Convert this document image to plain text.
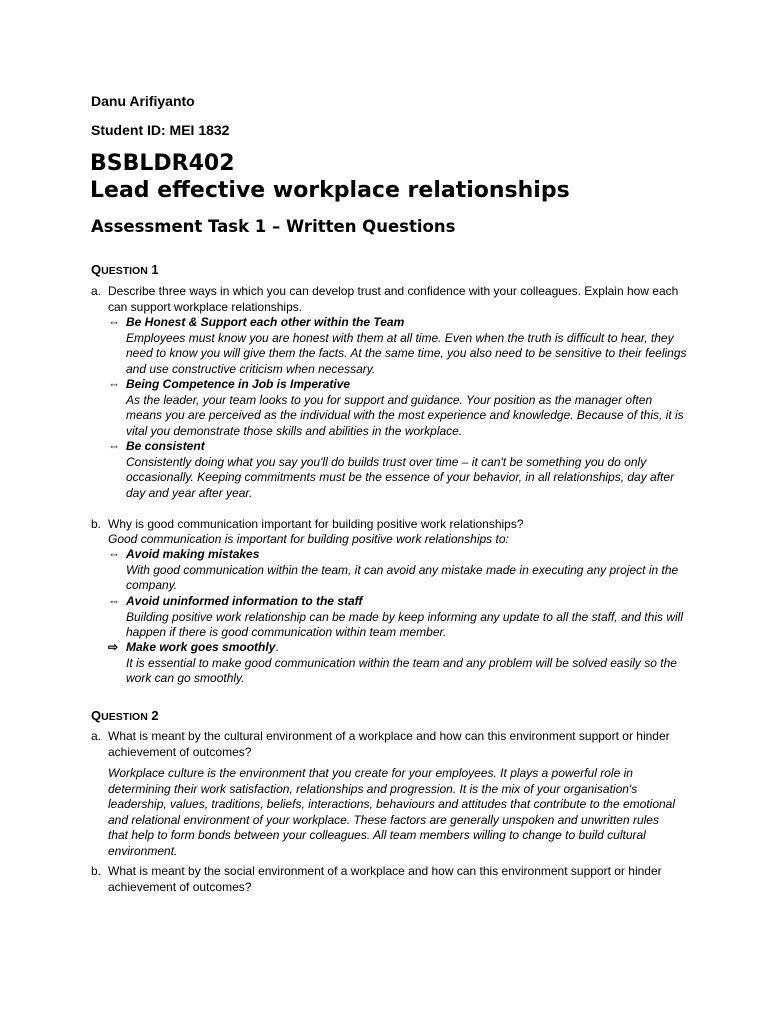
Danu Arifiyanto
Student ID: MEI 1832
BSBLDR402
Lead effective workplace relationships
Assessment Task 1 – Written Questions
QUESTION 1
a. Describe three ways in which you can develop trust and confidence with your colleagues. Explain how each can support workplace relationships.
⇔ Be Honest & Support each other within the Team
Employees must know you are honest with them at all time. Even when the truth is difficult to hear, they need to know you will give them the facts. At the same time, you also need to be sensitive to their feelings and use constructive criticism when necessary.
⇔ Being Competence in Job is Imperative
As the leader, your team looks to you for support and guidance. Your position as the manager often means you are perceived as the individual with the most experience and knowledge. Because of this, it is vital you demonstrate those skills and abilities in the workplace.
⇔ Be consistent
Consistently doing what you say you'll do builds trust over time – it can't be something you do only occasionally. Keeping commitments must be the essence of your behavior, in all relationships, day after day and year after year.
b. Why is good communication important for building positive work relationships?
Good communication is important for building positive work relationships to:
⇔ Avoid making mistakes
With good communication within the team, it can avoid any mistake made in executing any project in the company.
⇔ Avoid uninformed information to the staff
Building positive work relationship can be made by keep informing any update to all the staff, and this will happen if there is good communication within team member.
⇨ Make work goes smoothly.
It is essential to make good communication within the team and any problem will be solved easily so the work can go smoothly.
QUESTION 2
a. What is meant by the cultural environment of a workplace and how can this environment support or hinder achievement of outcomes?
Workplace culture is the environment that you create for your employees. It plays a powerful role in determining their work satisfaction, relationships and progression. It is the mix of your organisation's leadership, values, traditions, beliefs, interactions, behaviours and attitudes that contribute to the emotional and relational environment of your workplace. These factors are generally unspoken and unwritten rules that help to form bonds between your colleagues. All team members willing to change to build cultural environment.
b. What is meant by the social environment of a workplace and how can this environment support or hinder achievement of outcomes?
